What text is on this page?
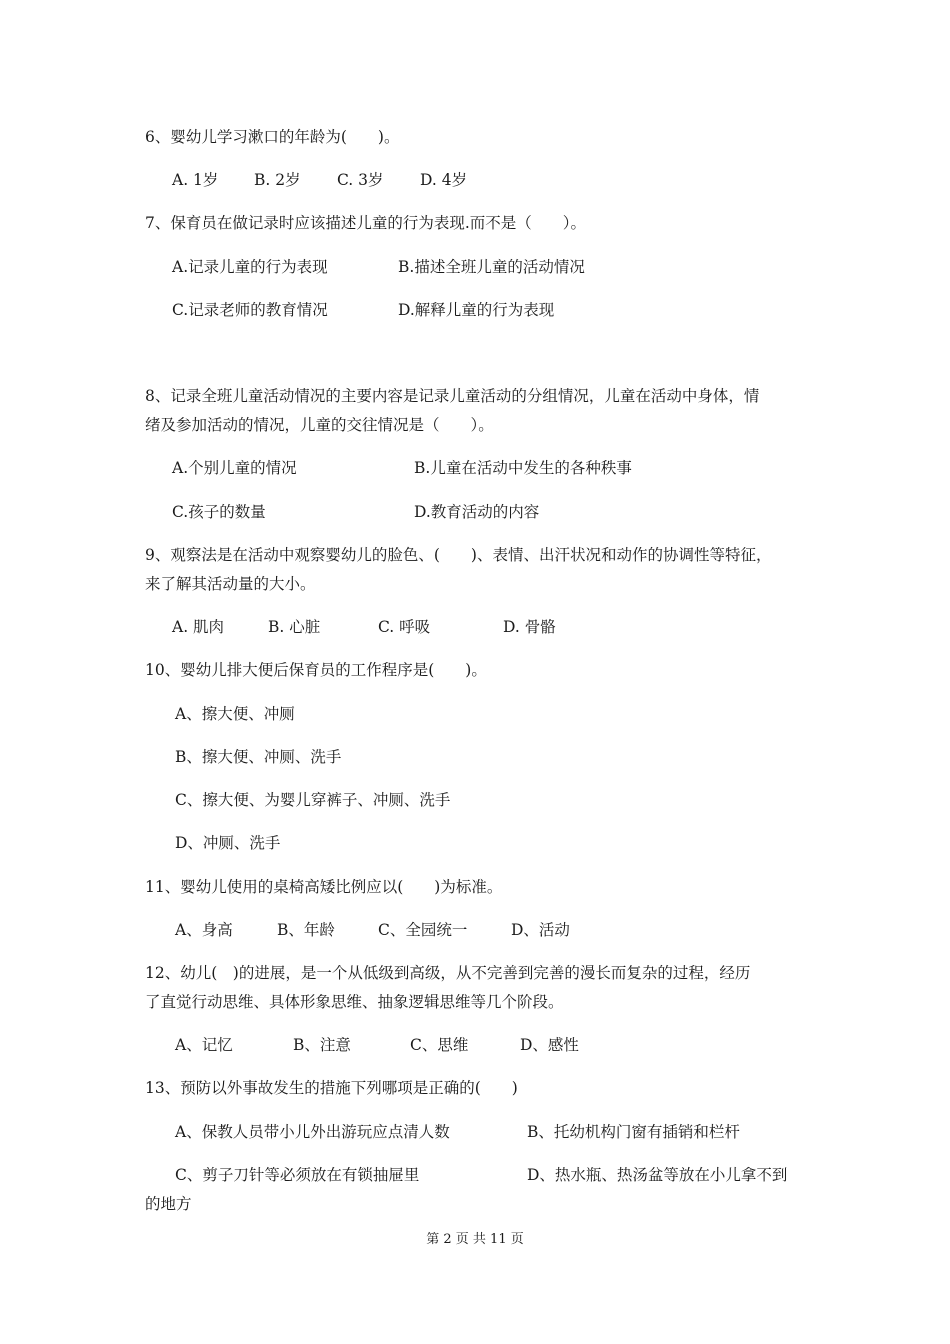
6、婴幼儿学习漱口的年龄为(　　)。
A. 1岁 B. 2岁 C. 3岁 D. 4岁
7、保育员在做记录时应该描述儿童的行为表现.而不是（　　）。
A.记录儿童的行为表现	B.描述全班儿童的活动情况
C.记录老师的教育情况	D.解释儿童的行为表现
8、记录全班儿童活动情况的主要内容是记录儿童活动的分组情况，儿童在活动中身体，情
绪及参加活动的情况，儿童的交往情况是（　　）。
A.个别儿童的情况	B.儿童在活动中发生的各种秩事
C.孩子的数量	D.教育活动的内容
9、观察法是在活动中观察婴幼儿的脸色、(　　)、表情、出汗状况和动作的协调性等特征，
来了解其活动量的大小。
A. 肌肉	B. 心脏	C. 呼吸	D. 骨骼
10、婴幼儿排大便后保育员的工作程序是(　　)。
A、擦大便、冲厕
B、擦大便、冲厕、洗手
C、擦大便、为婴儿穿裤子、冲厕、洗手
D、冲厕、洗手
11、婴幼儿使用的桌椅高矮比例应以(　　)为标准。
A、身高	B、年龄	C、全园统一	D、活动
12、幼儿(　)的进展，是一个从低级到高级，从不完善到完善的漫长而复杂的过程，经历
了直觉行动思维、具体形象思维、抽象逻辑思维等几个阶段。
A、记忆	B、注意	C、思维	D、感性
13、预防以外事故发生的措施下列哪项是正确的(　　)
A、保教人员带小儿外出游玩应点清人数	B、托幼机构门窗有插销和栏杆
C、剪子刀针等必须放在有锁抽屉里	D、热水瓶、热汤盆等放在小儿拿不到
的地方
第 2 页 共 11 页
